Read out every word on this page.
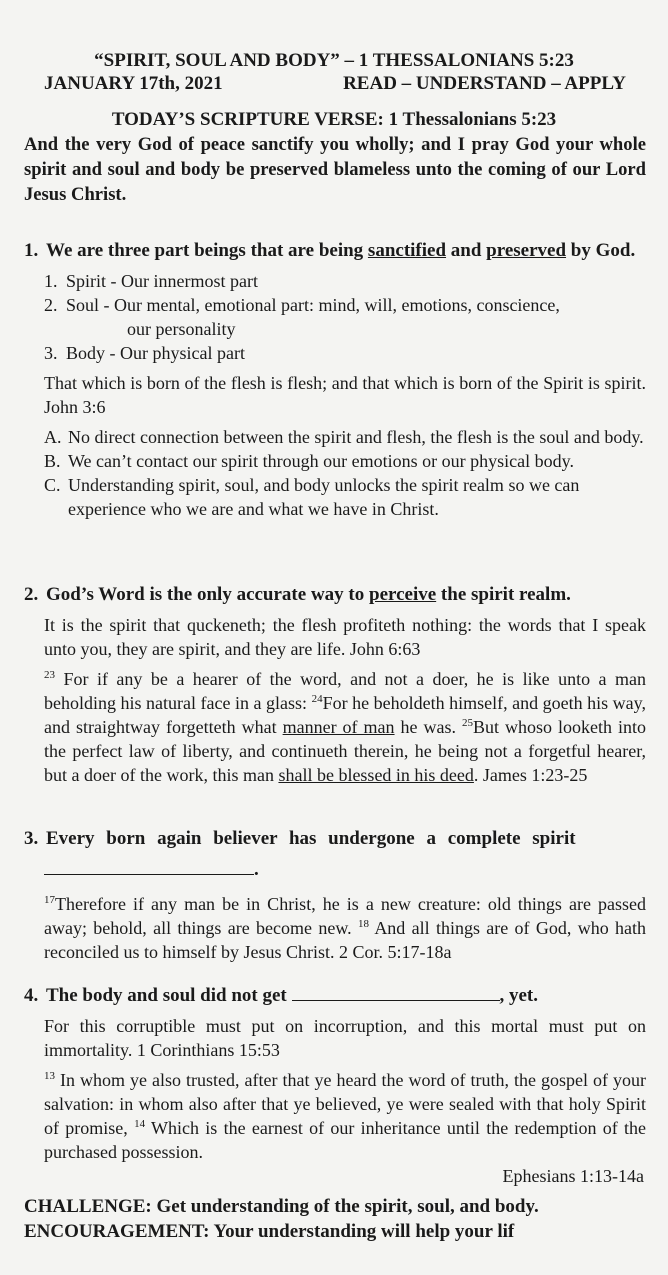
“SPIRIT, SOUL AND BODY” – 1 THESSALONIANS 5:23
JANUARY 17th, 2021	READ – UNDERSTAND – APPLY
TODAY’S SCRIPTURE VERSE: 1 Thessalonians 5:23
And the very God of peace sanctify you wholly; and I pray God your whole spirit and soul and body be preserved blameless unto the coming of our Lord Jesus Christ.
1. We are three part beings that are being sanctified and preserved by God.
1. Spirit - Our innermost part
2. Soul - Our mental, emotional part: mind, will, emotions, conscience,
our personality
3. Body - Our physical part
That which is born of the flesh is flesh; and that which is born of the Spirit is spirit. John 3:6
A. No direct connection between the spirit and flesh, the flesh is the soul and body.
B. We can’t contact our spirit through our emotions or our physical body.
C. Understanding spirit, soul, and body unlocks the spirit realm so we can experience who we are and what we have in Christ.
2. God’s Word is the only accurate way to perceive the spirit realm.
It is the spirit that quckeneth; the flesh profiteth nothing: the words that I speak unto you, they are spirit, and they are life. John 6:63
$^{23}$ For if any be a hearer of the word, and not a doer, he is like unto a man beholding his natural face in a glass: $^{24}$For he beholdeth himself, and goeth his way, and straightway forgetteth what manner of man he was. $^{25}$But whoso looketh into the perfect law of liberty, and continueth therein, he being not a forgetful hearer, but a doer of the work, this man shall be blessed in his deed. James 1:23-25
3. Every born again believer has undergone a complete spirit
.
$^{17}$Therefore if any man be in Christ, he is a new creature: old things are passed away; behold, all things are become new. $^{18}$ And all things are of God, who hath reconciled us to himself by Jesus Christ. 2 Cor. 5:17-18a
4. The body and soul did not get	, yet.
For this corruptible must put on incorruption, and this mortal must put on immortality. 1 Corinthians 15:53
$^{13}$ In whom ye also trusted, after that ye heard the word of truth, the gospel of your salvation: in whom also after that ye believed, ye were sealed with that holy Spirit of promise, $^{14}$ Which is the earnest of our inheritance until the redemption of the purchased possession.
Ephesians 1:13-14a
CHALLENGE: Get understanding of the spirit, soul, and body.
ENCOURAGEMENT: Your understanding will help your lif
